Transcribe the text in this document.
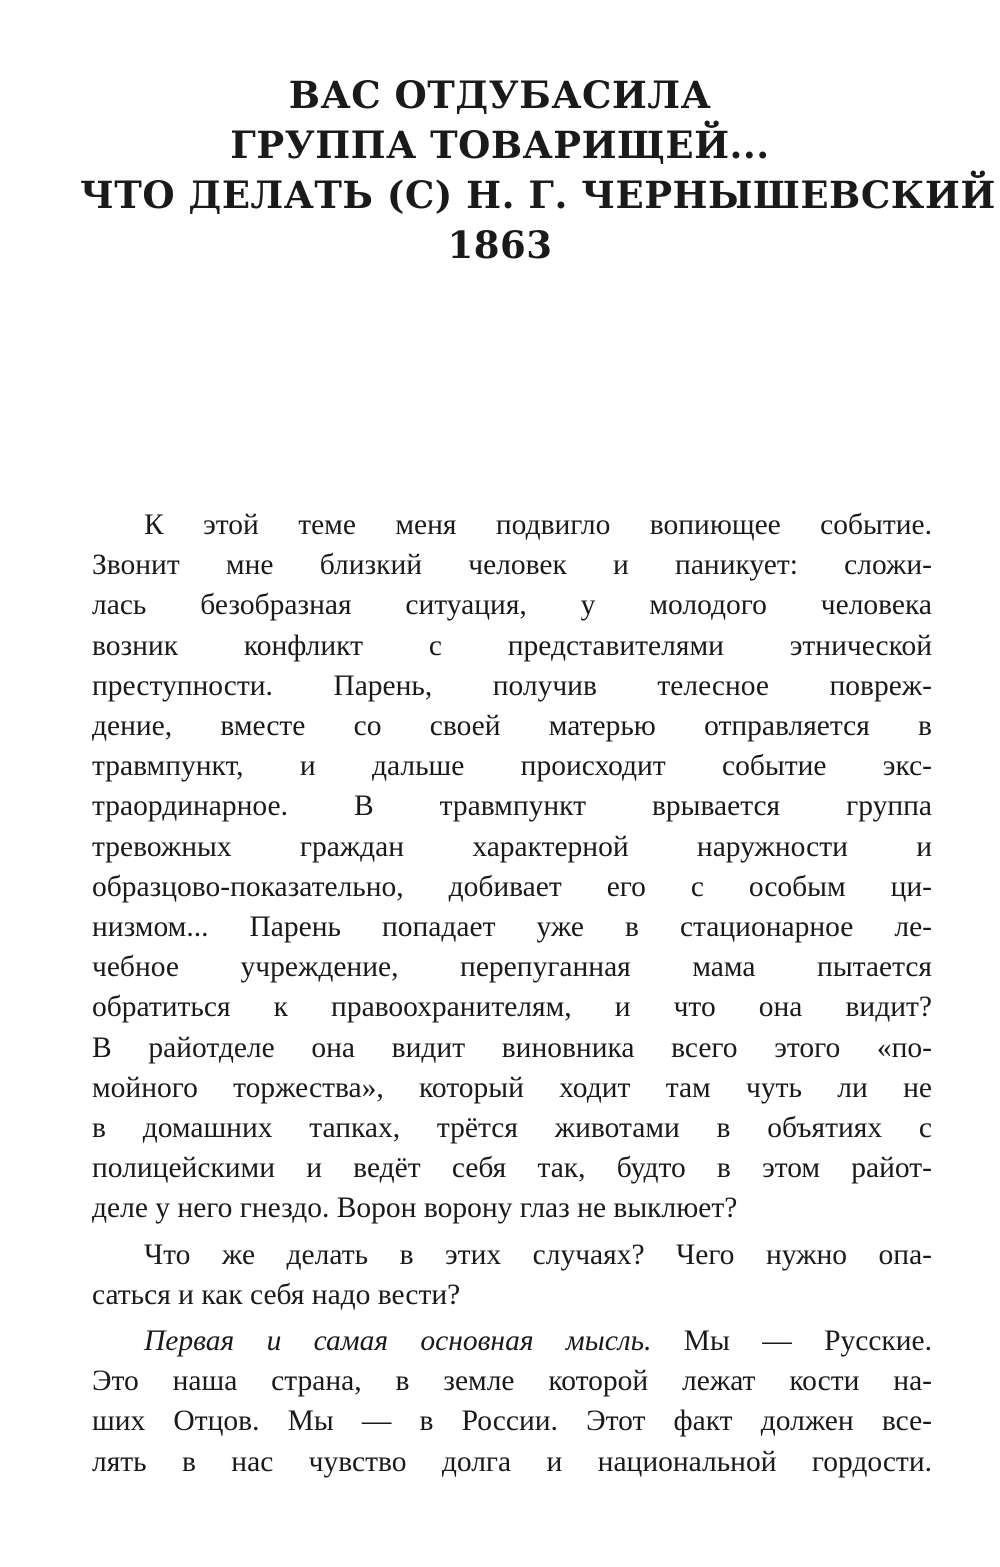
ВАС ОТДУБАСИЛА
ГРУППА ТОВАРИЩЕЙ...
ЧТО ДЕЛАТЬ (С) Н. Г. ЧЕРНЫШЕВСКИЙ
1863
К этой теме меня подвигло вопиющее событие.
Звонит мне близкий человек и паникует: сложи-
лась безобразная ситуация, у молодого человека
возник конфликт с представителями этнической
преступности. Парень, получив телесное повреж-
дение, вместе со своей матерью отправляется в
травмпункт, и дальше происходит событие экс-
траординарное. В травмпункт врывается группа
тревожных граждан характерной наружности и
образцово-показательно, добивает его с особым ци-
низмом... Парень попадает уже в стационарное ле-
чебное учреждение, перепуганная мама пытается
обратиться к правоохранителям, и что она видит?
В райотделе она видит виновника всего этого «по-
мойного торжества», который ходит там чуть ли не
в домашних тапках, трётся животами в объятиях с
полицейскими и ведёт себя так, будто в этом райот-
деле у него гнездо. Ворон ворону глаз не выклюет?
Что же делать в этих случаях? Чего нужно опа-
саться и как себя надо вести?
Первая и самая основная мысль. Мы — Русские.
Это наша страна, в земле которой лежат кости на-
ших Отцов. Мы — в России. Этот факт должен все-
лять в нас чувство долга и национальной гордости.
